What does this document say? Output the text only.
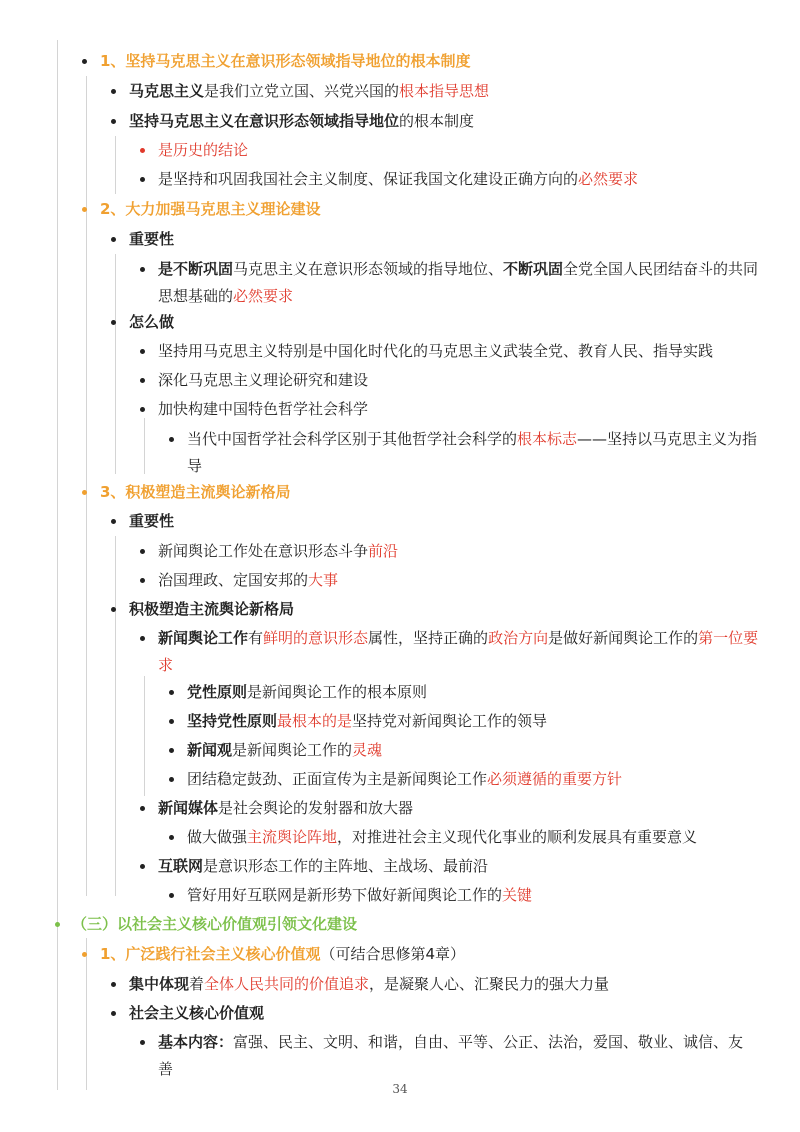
1、坚持马克思主义在意识形态领域指导地位的根本制度
马克思主义是我们立党立国、兴党兴国的根本指导思想
坚持马克思主义在意识形态领域指导地位的根本制度
是历史的结论
是坚持和巩固我国社会主义制度、保证我国文化建设正确方向的必然要求
2、大力加强马克思主义理论建设
重要性
是不断巩固马克思主义在意识形态领域的指导地位、不断巩固全党全国人民团结奋斗的共同思想基础的必然要求
怎么做
坚持用马克思主义特别是中国化时代化的马克思主义武装全党、教育人民、指导实践
深化马克思主义理论研究和建设
加快构建中国特色哲学社会科学
当代中国哲学社会科学区别于其他哲学社会科学的根本标志——坚持以马克思主义为指导
3、积极塑造主流舆论新格局
重要性
新闻舆论工作处在意识形态斗争前沿
治国理政、定国安邦的大事
积极塑造主流舆论新格局
新闻舆论工作有鲜明的意识形态属性，坚持正确的政治方向是做好新闻舆论工作的第一位要求
党性原则是新闻舆论工作的根本原则
坚持党性原则最根本的是坚持党对新闻舆论工作的领导
新闻观是新闻舆论工作的灵魂
团结稳定鼓劲、正面宣传为主是新闻舆论工作必须遵循的重要方针
新闻媒体是社会舆论的发射器和放大器
做大做强主流舆论阵地，对推进社会主义现代化事业的顺利发展具有重要意义
互联网是意识形态工作的主阵地、主战场、最前沿
管好用好互联网是新形势下做好新闻舆论工作的关键
（三）以社会主义核心价值观引领文化建设
1、广泛践行社会主义核心价值观（可结合思修第4章）
集中体现着全体人民共同的价值追求，是凝聚人心、汇聚民力的强大力量
社会主义核心价值观
基本内容：富强、民主、文明、和谐，自由、平等、公正、法治，爱国、敬业、诚信、友善
34
